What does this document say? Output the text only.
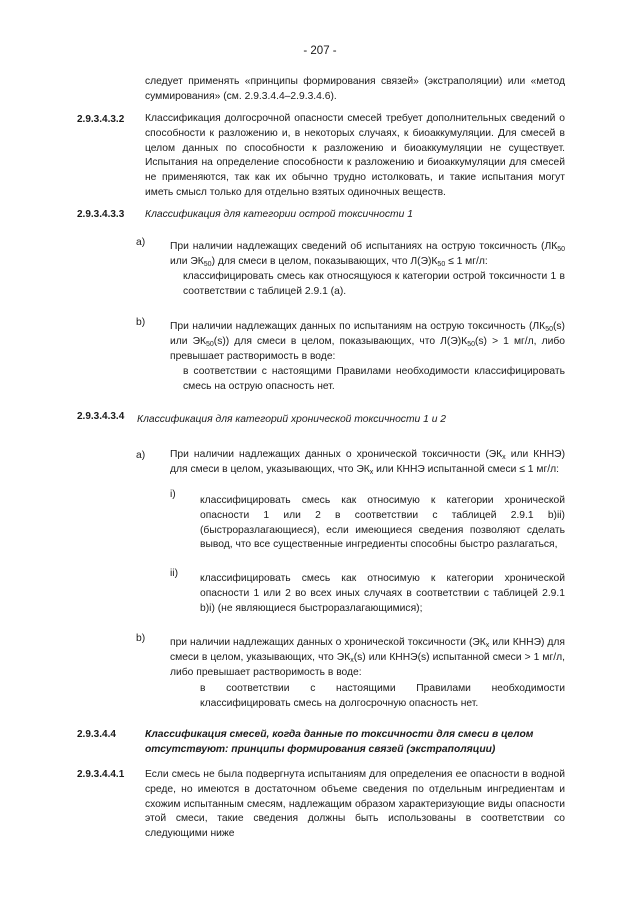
- 207 -
следует применять «принципы формирования связей» (экстраполяции) или «метод суммирования» (см. 2.9.3.4.4–2.9.3.4.6).
2.9.3.4.3.2 Классификация долгосрочной опасности смесей требует дополнительных сведений о способности к разложению и, в некоторых случаях, к биоаккумуляции. Для смесей в целом данных по способности к разложению и биоаккумуляции не существует. Испытания на определение способности к разложению и биоаккумуляции для смесей не применяются, так как их обычно трудно истолковать, и такие испытания могут иметь смысл только для отдельно взятых одиночных веществ.
2.9.3.4.3.3 Классификация для категории острой токсичности 1
a) При наличии надлежащих сведений об испытаниях на острую токсичность ($ЛК_{50}$ или $ЭК_{50}$) для смеси в целом, показывающих, что $Л(Э)К_{50} \le 1$ мг/л:
классифицировать смесь как относящуюся к категории острой токсичности 1 в соответствии с таблицей 2.9.1 (a).
b) При наличии надлежащих данных по испытаниям на острую токсичность ($ЛК_{50}(s)$ или $ЭК_{50}(s)$) для смеси в целом, показывающих, что $Л(Э)К_{50}(s) > 1$ мг/л, либо превышает растворимость в воде:
в соответствии с настоящими Правилами необходимости классифицировать смесь на острую опасность нет.
2.9.3.4.3.4 Классификация для категорий хронической токсичности 1 и 2
a) При наличии надлежащих данных о хронической токсичности ($ЭК_x$ или КННЭ) для смеси в целом, указывающих, что $ЭК_x$ или КННЭ испытанной смеси ≤ 1 мг/л:
i)
классифицировать смесь как относимую к категории хронической опасности 1 или 2 в соответствии с таблицей 2.9.1 b)ii) (быстроразлагающиеся), если имеющиеся сведения позволяют сделать вывод, что все существенные ингредиенты способны быстро разлагаться,
ii) классифицировать смесь как относимую к категории хронической опасности 1 или 2 во всех иных случаях в соответствии с таблицей 2.9.1 b)i) (не являющиеся быстроразлагающимися);
b) при наличии надлежащих данных о хронической токсичности ($ЭК_x$ или КННЭ) для смеси в целом, указывающих, что $ЭК_x(s)$ или КННЭ(s) испытанной смеси > 1 мг/л, либо превышает растворимость в воде:
в соответствии с настоящими Правилами необходимости классифицировать смесь на долгосрочную опасность нет.
2.9.3.4.4	Классификация смесей, когда данные по токсичности для смеси в целом отсутствуют: принципы формирования связей (экстраполяции)
2.9.3.4.4.1 Если смесь не была подвергнута испытаниям для определения ее опасности в водной среде, но имеются в достаточном объеме сведения по отдельным ингредиентам и схожим испытанным смесям, надлежащим образом характеризующие виды опасности этой смеси, такие сведения должны быть использованы в соответствии со следующими ниже
